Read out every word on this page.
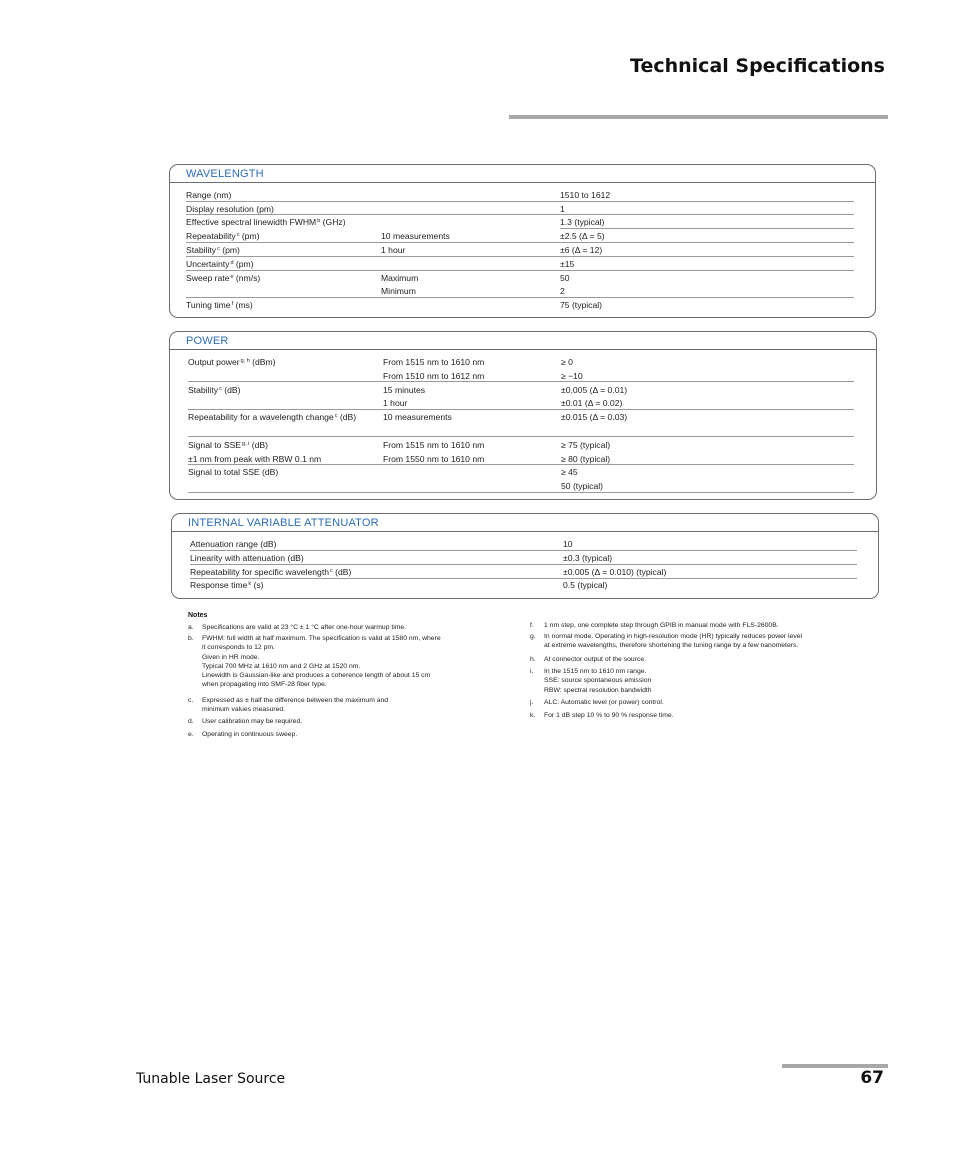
Technical Specifications
WAVELENGTH
Range (nm)	1510 to 1612
Display resolution (pm)	1
Effective spectral linewidth FWHM$^b$ (GHz)	1.3 (typical)
Repeatability$^c$ (pm)	10 measurements	±2.5 (Δ = 5)
Stability$^c$ (pm)	1 hour	±6 (Δ = 12)
Uncertainty$^d$ (pm)	±15
Sweep rate$^e$ (nm/s)	Maximum	50
Minimum	2
Tuning time$^f$ (ms)	75 (typical)
POWER
Output power$^{g, h}$ (dBm)	From 1515 nm to 1610 nm	≥ 0
From 1510 nm to 1612 nm	≥ −10
Stability$^c$ (dB)	15 minutes	±0.005 (Δ = 0.01)
1 hour	±0.01 (Δ = 0.02)
Repeatability for a wavelength change$^c$ (dB)	10 measurements	±0.015 (Δ = 0.03)
Signal to SSE$^{g, i}$ (dB)	From 1515 nm to 1610 nm	≥ 75 (typical)
±1 nm from peak with RBW 0.1 nm	From 1550 nm to 1610 nm	≥ 80 (typical)
Signal to total SSE (dB)	≥ 45
50 (typical)
INTERNAL VARIABLE ATTENUATOR
Attenuation range (dB)	10
Linearity with attenuation (dB)	±0.3 (typical)
Repeatability for specific wavelength$^c$ (dB)	±0.005 (Δ = 0.010) (typical)
Response time$^k$ (s)	0.5 (typical)
Notes
a. Specifications are valid at 23 °C ± 1 °C after one-hour warmup time.
b. FWHM: full width at half maximum. The specification is valid at 1580 nm, where
it corresponds to 12 pm.
Given in HR mode.
Typical 700 MHz at 1610 nm and 2 GHz at 1520 nm.
Linewidth is Gaussian-like and produces a coherence length of about 15 cm
when propagating into SMF-28 fiber type.
c. Expressed as ± half the difference between the maximum and
minimum values measured.
d. User calibration may be required.
e. Operating in continuous sweep.
f. 1 nm step, one complete step through GPIB in manual mode with FLS-2600B.
g. In normal mode. Operating in high-resolution mode (HR) typically reduces power level
at extreme wavelengths, therefore shortening the tuning range by a few nanometers.
h. At connector output of the source.
i. In the 1515 nm to 1610 nm range.
SSE: source spontaneous emission
RBW: spectral resolution bandwidth
j. ALC: Automatic level (or power) control.
k. For 1 dB step 10 % to 90 % response time.
Tunable Laser Source	67
